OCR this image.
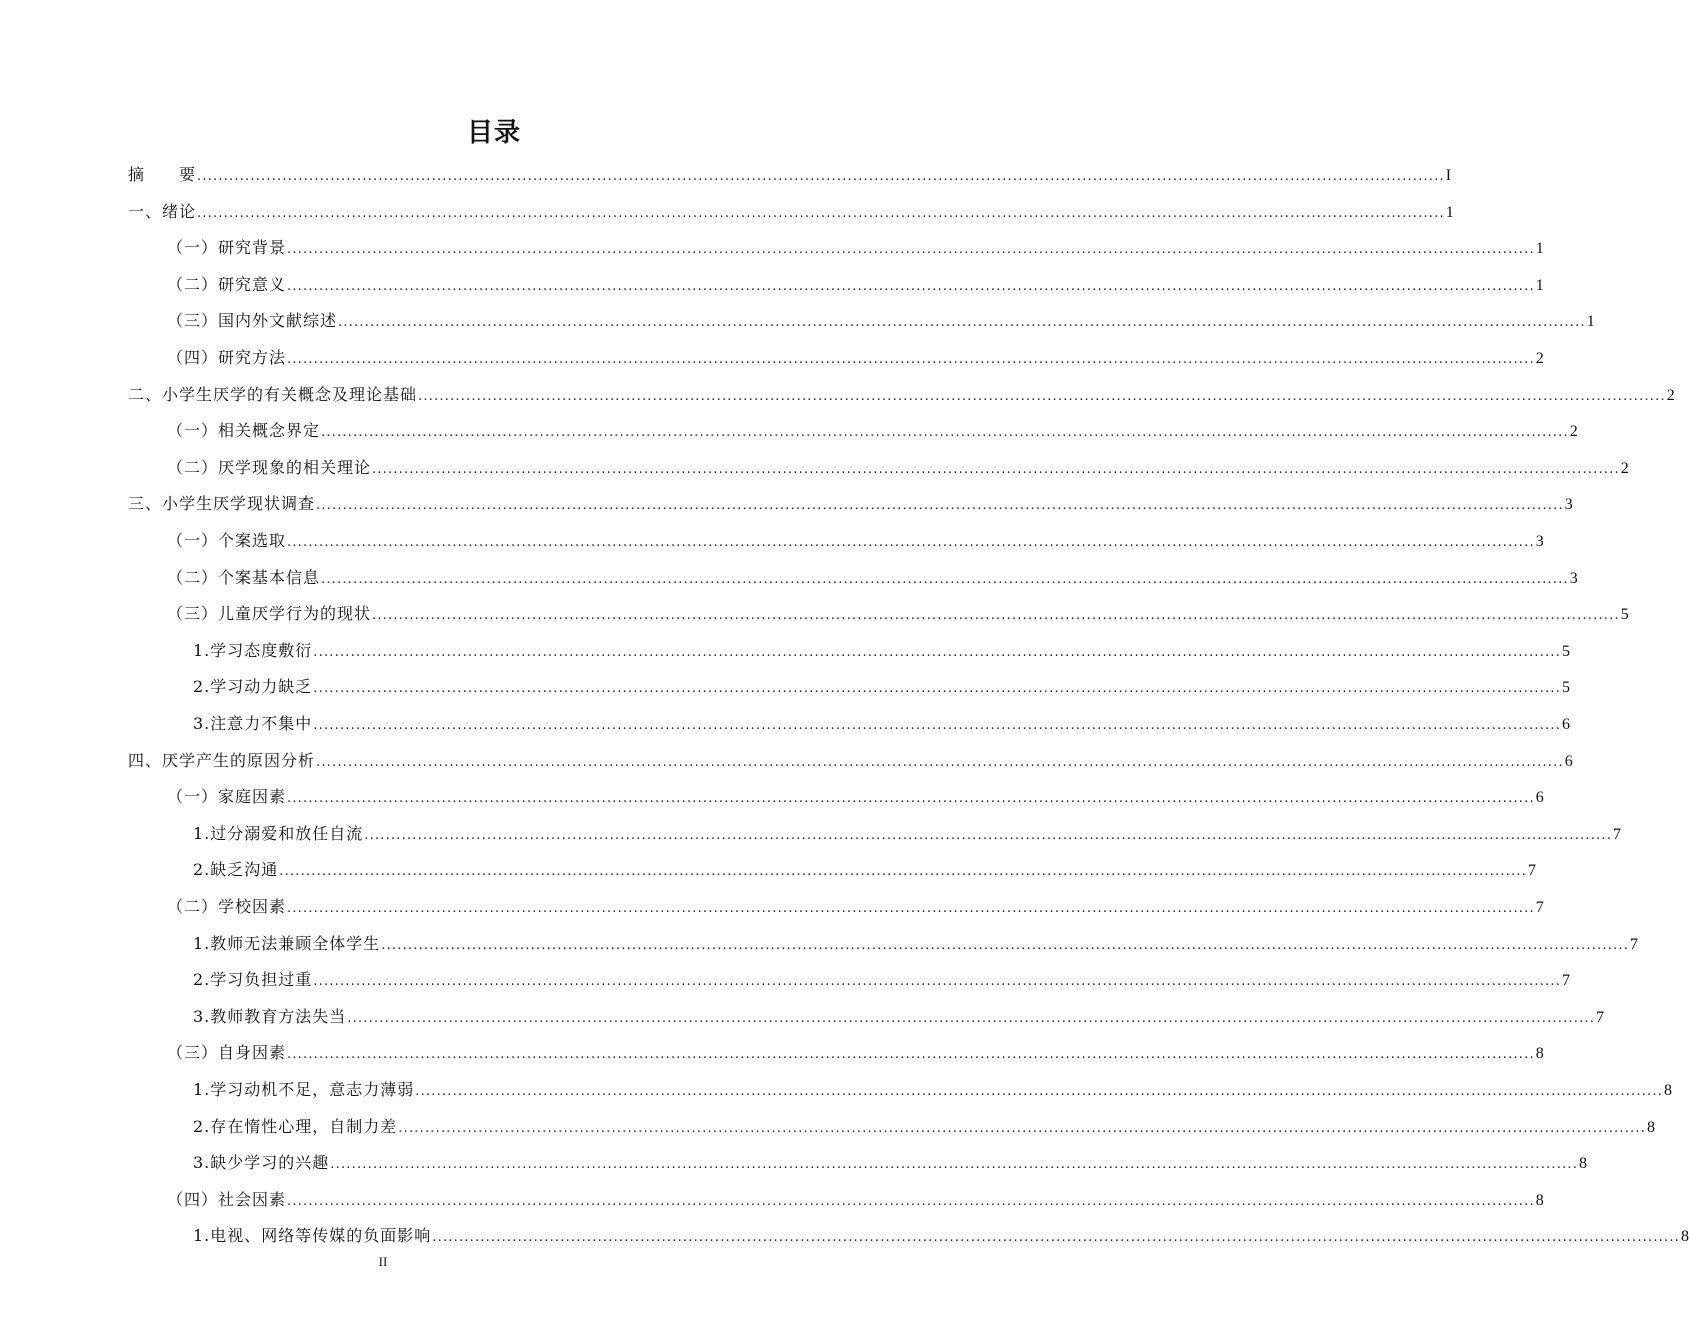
目录
摘　　要 .......................................................................................................................................................................................................................................... I
一、绪论 .......................................................................................................................................................................................................................................... 1
（一）研究背景 .......................................................................................................................................................................................................................................... 1
（二）研究意义 .......................................................................................................................................................................................................................................... 1
（三）国内外文献综述 .......................................................................................................................................................................................................................................... 1
（四）研究方法 .......................................................................................................................................................................................................................................... 2
二、小学生厌学的有关概念及理论基础 .......................................................................................................................................................................................................................................... 2
（一）相关概念界定 .......................................................................................................................................................................................................................................... 2
（二）厌学现象的相关理论 .......................................................................................................................................................................................................................................... 2
三、小学生厌学现状调查 .......................................................................................................................................................................................................................................... 3
（一）个案选取 .......................................................................................................................................................................................................................................... 3
（二）个案基本信息 .......................................................................................................................................................................................................................................... 3
（三）儿童厌学行为的现状 .......................................................................................................................................................................................................................................... 5
1.学习态度敷衍 .......................................................................................................................................................................................................................................... 5
2.学习动力缺乏 .......................................................................................................................................................................................................................................... 5
3.注意力不集中 .......................................................................................................................................................................................................................................... 6
四、厌学产生的原因分析 .......................................................................................................................................................................................................................................... 6
（一）家庭因素 .......................................................................................................................................................................................................................................... 6
1.过分溺爱和放任自流 .......................................................................................................................................................................................................................................... 7
2.缺乏沟通 .......................................................................................................................................................................................................................................... 7
（二）学校因素 .......................................................................................................................................................................................................................................... 7
1.教师无法兼顾全体学生 .......................................................................................................................................................................................................................................... 7
2.学习负担过重 .......................................................................................................................................................................................................................................... 7
3.教师教育方法失当 .......................................................................................................................................................................................................................................... 7
（三）自身因素 .......................................................................................................................................................................................................................................... 8
1.学习动机不足，意志力薄弱 .......................................................................................................................................................................................................................................... 8
2.存在惰性心理，自制力差 .......................................................................................................................................................................................................................................... 8
3.缺少学习的兴趣 .......................................................................................................................................................................................................................................... 8
（四）社会因素 .......................................................................................................................................................................................................................................... 8
1.电视、网络等传媒的负面影响 .......................................................................................................................................................................................................................................... 8
II
